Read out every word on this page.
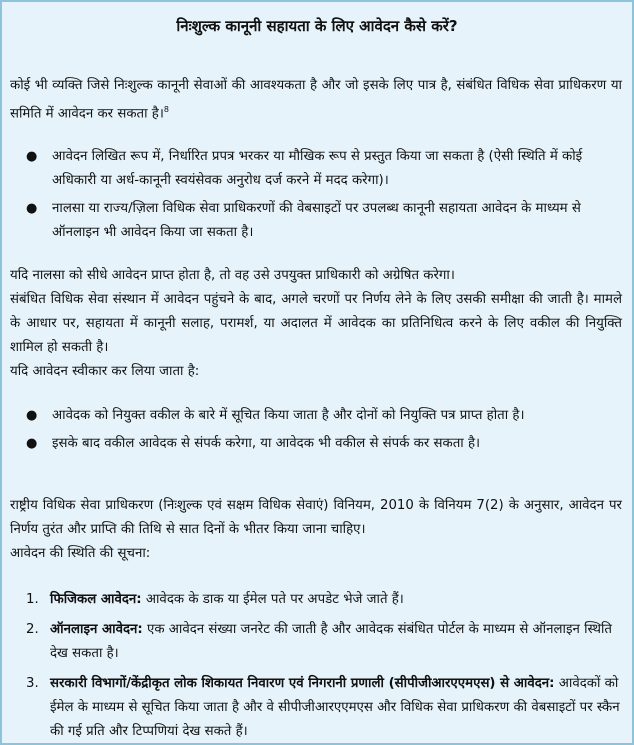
निःशुल्क कानूनी सहायता के लिए आवेदन कैसे करें?
कोई भी व्यक्ति जिसे निःशुल्क कानूनी सेवाओं की आवश्यकता है और जो इसके लिए पात्र है, संबंधित विधिक सेवा प्राधिकरण या समिति में आवेदन कर सकता है।$^8$
● आवेदन लिखित रूप में, निर्धारित प्रपत्र भरकर या मौखिक रूप से प्रस्तुत किया जा सकता है (ऐसी स्थिति में कोई अधिकारी या अर्ध-कानूनी स्वयंसेवक अनुरोध दर्ज करने में मदद करेगा)।
● नालसा या राज्य/ज़िला विधिक सेवा प्राधिकरणों की वेबसाइटों पर उपलब्ध कानूनी सहायता आवेदन के माध्यम से ऑनलाइन भी आवेदन किया जा सकता है।
यदि नालसा को सीधे आवेदन प्राप्त होता है, तो वह उसे उपयुक्त प्राधिकारी को अग्रेषित करेगा।
संबंधित विधिक सेवा संस्थान में आवेदन पहुंचने के बाद, अगले चरणों पर निर्णय लेने के लिए उसकी समीक्षा की जाती है। मामले के आधार पर, सहायता में कानूनी सलाह, परामर्श, या अदालत में आवेदक का प्रतिनिधित्व करने के लिए वकील की नियुक्ति शामिल हो सकती है।
यदि आवेदन स्वीकार कर लिया जाता है:
● आवेदक को नियुक्त वकील के बारे में सूचित किया जाता है और दोनों को नियुक्ति पत्र प्राप्त होता है।
● इसके बाद वकील आवेदक से संपर्क करेगा, या आवेदक भी वकील से संपर्क कर सकता है।
राष्ट्रीय विधिक सेवा प्राधिकरण (निःशुल्क एवं सक्षम विधिक सेवाएं) विनियम, 2010 के विनियम 7(2) के अनुसार, आवेदन पर निर्णय तुरंत और प्राप्ति की तिथि से सात दिनों के भीतर किया जाना चाहिए।
आवेदन की स्थिति की सूचना:
1. फिजिकल आवेदन: आवेदक के डाक या ईमेल पते पर अपडेट भेजे जाते हैं।
2. ऑनलाइन आवेदन: एक आवेदन संख्या जनरेट की जाती है और आवेदक संबंधित पोर्टल के माध्यम से ऑनलाइन स्थिति देख सकता है।
3. सरकारी विभागों/केंद्रीकृत लोक शिकायत निवारण एवं निगरानी प्रणाली (सीपीजीआरएएमएस) से आवेदन: आवेदकों को ईमेल के माध्यम से सूचित किया जाता है और वे सीपीजीआरएएमएस और विधिक सेवा प्राधिकरण की वेबसाइटों पर स्कैन की गई प्रति और टिप्पणियां देख सकते हैं।
